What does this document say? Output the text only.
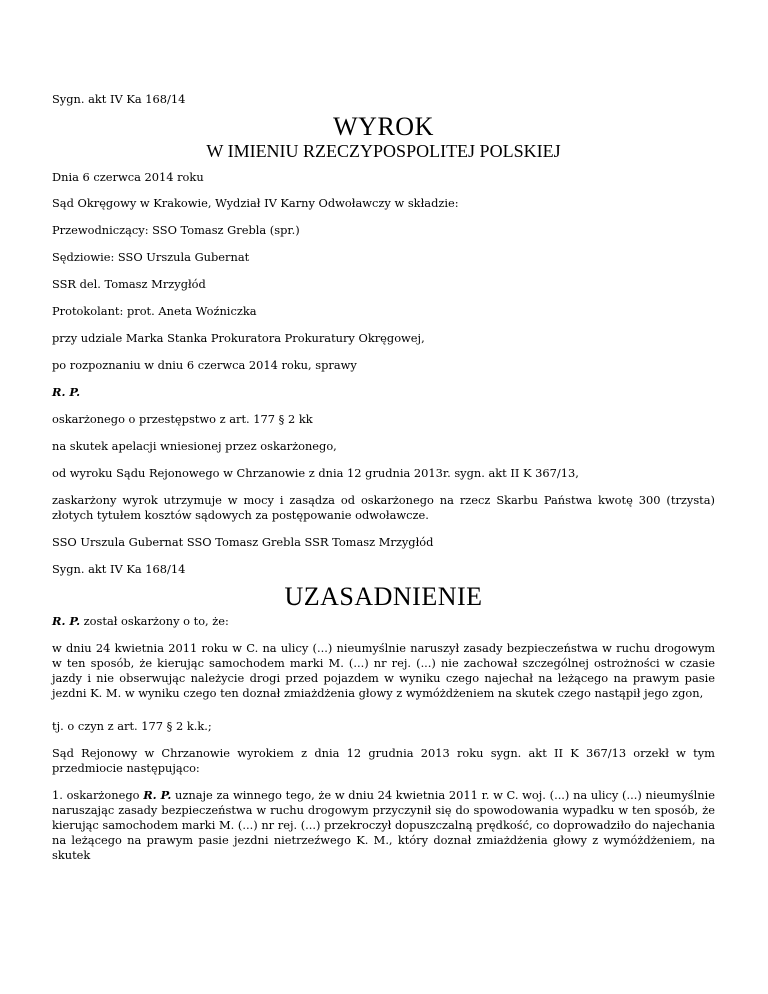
Sygn. akt IV Ka 168/14

WYROK
W IMIENIU RZECZYPOSPOLITEJ POLSKIEJ

Dnia 6 czerwca 2014 roku

Sąd Okręgowy w Krakowie, Wydział IV Karny Odwoławczy w składzie:

Przewodniczący: SSO Tomasz Grebla (spr.)

Sędziowie: SSO Urszula Gubernat

SSR del. Tomasz Mrzygłód

Protokolant: prot. Aneta Woźniczka

przy udziale Marka Stanka Prokuratora Prokuratury Okręgowej,

po rozpoznaniu w dniu 6 czerwca 2014 roku, sprawy

R. P.

oskarżonego o przestępstwo z art. 177 § 2 kk

na skutek apelacji wniesionej przez oskarżonego,

od wyroku Sądu Rejonowego w Chrzanowie z dnia 12 grudnia 2013r. sygn. akt II K 367/13,

zaskarżony wyrok utrzymuje w mocy i zasądza od oskarżonego na rzecz Skarbu Państwa kwotę 300 (trzysta) złotych tytułem kosztów sądowych za postępowanie odwoławcze.

SSO Urszula Gubernat SSO Tomasz Grebla SSR Tomasz Mrzygłód

Sygn. akt IV Ka 168/14

UZASADNIENIE

R. P. został oskarżony o to, że:

w dniu 24 kwietnia 2011 roku w C. na ulicy (...) nieumyślnie naruszył zasady bezpieczeństwa w ruchu drogowym w ten sposób, że kierując samochodem marki M. (...) nr rej. (...) nie zachował szczególnej ostrożności w czasie jazdy i nie obserwując należycie drogi przed pojazdem w wyniku czego najechał na leżącego na prawym pasie jezdni K. M. w wyniku czego ten doznał zmiażdżenia głowy z wymóżdżeniem na skutek czego nastąpił jego zgon,

tj. o czyn z art. 177 § 2 k.k.;

Sąd Rejonowy w Chrzanowie wyrokiem z dnia 12 grudnia 2013 roku sygn. akt II K 367/13 orzekł w tym przedmiocie następująco:

1. oskarżonego R. P. uznaje za winnego tego, że w dniu 24 kwietnia 2011 r. w C. woj. (...) na ulicy (...) nieumyślnie naruszając zasady bezpieczeństwa w ruchu drogowym przyczynił się do spowodowania wypadku w ten sposób, że kierując samochodem marki M. (...) nr rej. (...) przekroczył dopuszczalną prędkość, co doprowadziło do najechania na leżącego na prawym pasie jezdni nietrzeźwego K. M., który doznał zmiażdżenia głowy z wymóżdżeniem, na skutek
